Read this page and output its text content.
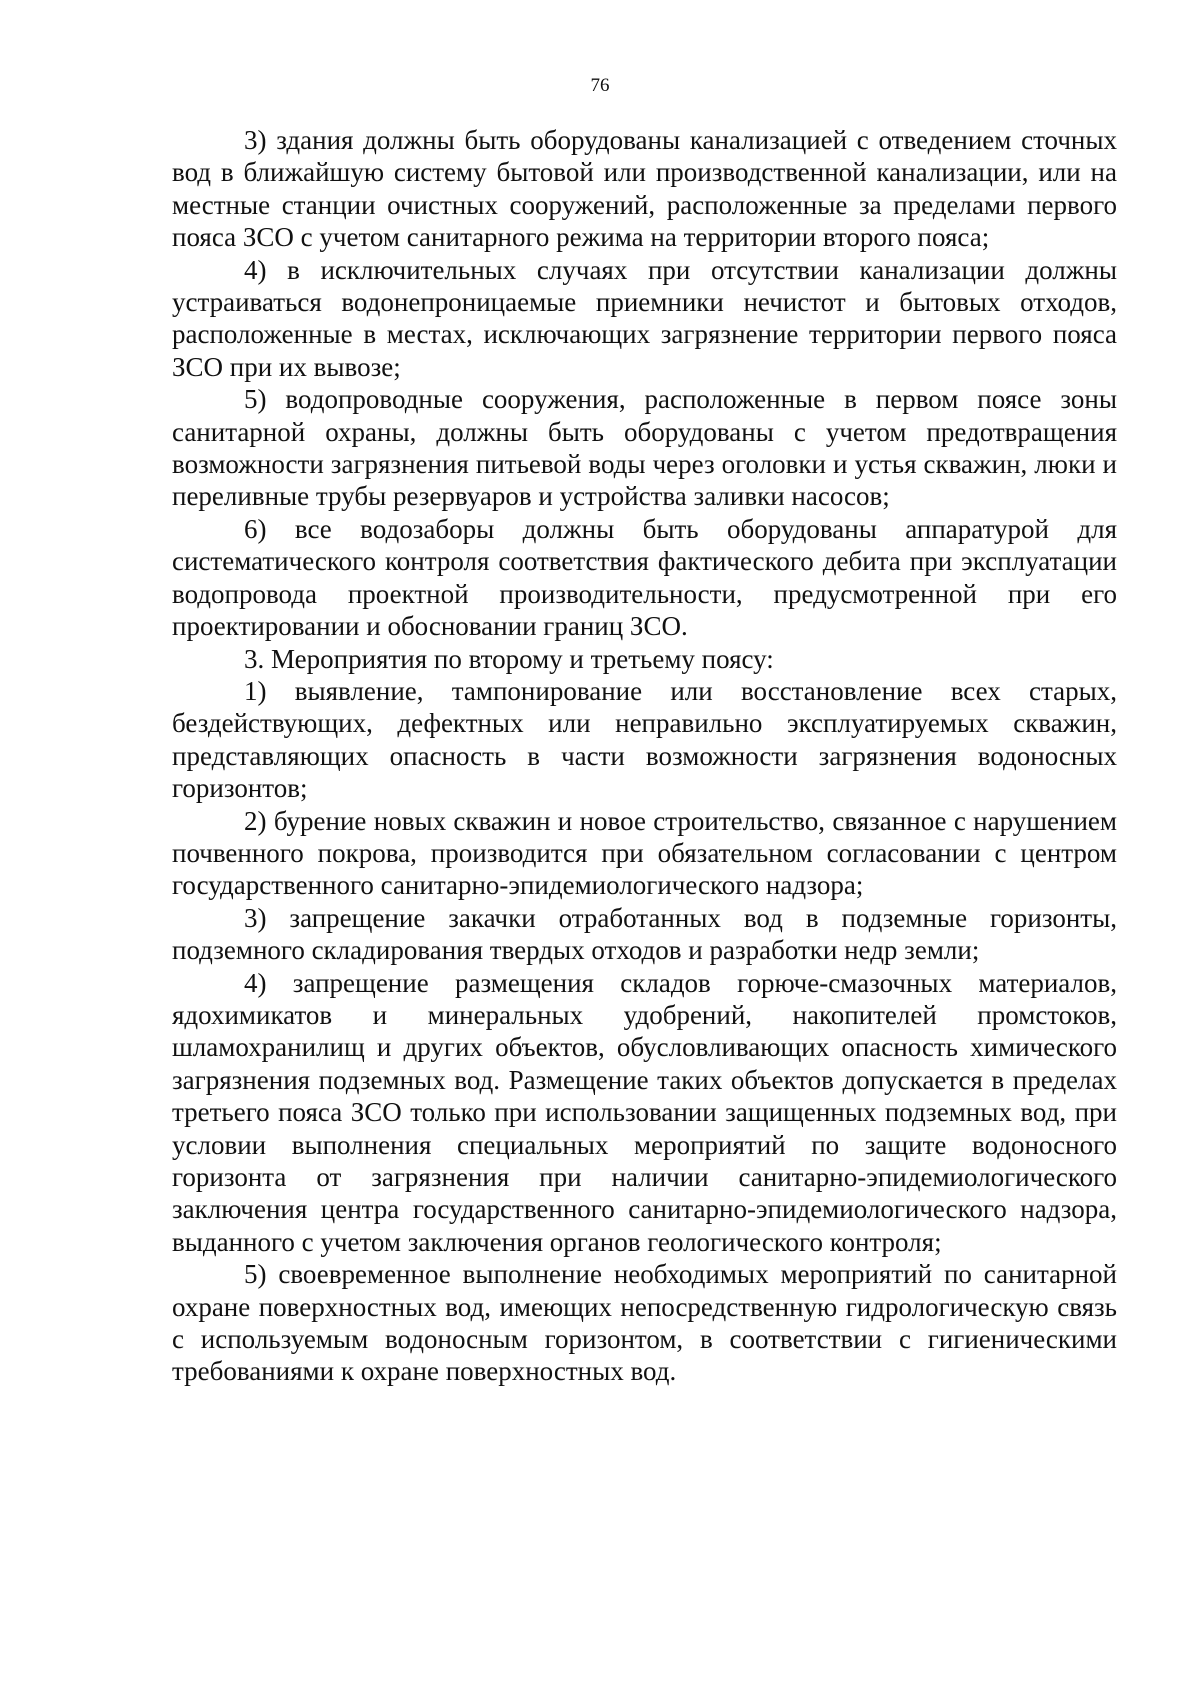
76

3) здания должны быть оборудованы канализацией с отведением сточных вод в ближайшую систему бытовой или производственной канализации, или на местные станции очистных сооружений, расположенные за пределами первого пояса ЗСО с учетом санитарного режима на территории второго пояса;

4) в исключительных случаях при отсутствии канализации должны устраиваться водонепроницаемые приемники нечистот и бытовых отходов, расположенные в местах, исключающих загрязнение территории первого пояса ЗСО при их вывозе;

5) водопроводные сооружения, расположенные в первом поясе зоны санитарной охраны, должны быть оборудованы с учетом предотвращения возможности загрязнения питьевой воды через оголовки и устья скважин, люки и переливные трубы резервуаров и устройства заливки насосов;

6) все водозаборы должны быть оборудованы аппаратурой для систематического контроля соответствия фактического дебита при эксплуатации водопровода проектной производительности, предусмотренной при его проектировании и обосновании границ ЗСО.

3. Мероприятия по второму и третьему поясу:

1) выявление, тампонирование или восстановление всех старых, бездействующих, дефектных или неправильно эксплуатируемых скважин, представляющих опасность в части возможности загрязнения водоносных горизонтов;

2) бурение новых скважин и новое строительство, связанное с нарушением почвенного покрова, производится при обязательном согласовании с центром государственного санитарно-эпидемиологического надзора;

3) запрещение закачки отработанных вод в подземные горизонты, подземного складирования твердых отходов и разработки недр земли;

4) запрещение размещения складов горюче-смазочных материалов, ядохимикатов и минеральных удобрений, накопителей промстоков, шламохранилищ и других объектов, обусловливающих опасность химического загрязнения подземных вод. Размещение таких объектов допускается в пределах третьего пояса ЗСО только при использовании защищенных подземных вод, при условии выполнения специальных мероприятий по защите водоносного горизонта от загрязнения при наличии санитарно-эпидемиологического заключения центра государственного санитарно-эпидемиологического надзора, выданного с учетом заключения органов геологического контроля;

5) своевременное выполнение необходимых мероприятий по санитарной охране поверхностных вод, имеющих непосредственную гидрологическую связь с используемым водоносным горизонтом, в соответствии с гигиеническими требованиями к охране поверхностных вод.
